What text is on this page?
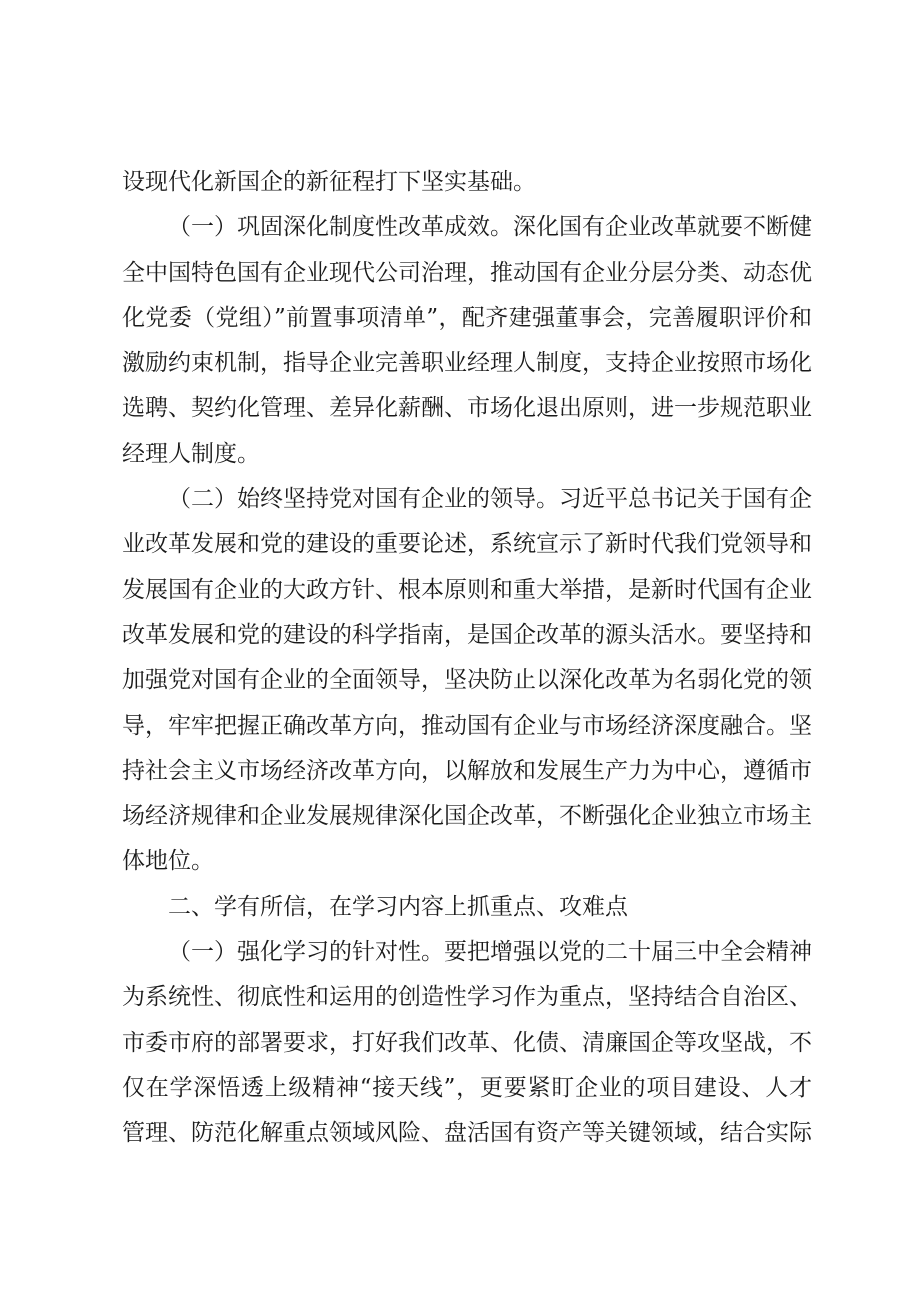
设现代化新国企的新征程打下坚实基础。

（一）巩固深化制度性改革成效。深化国有企业改革就要不断健全中国特色国有企业现代公司治理，推动国有企业分层分类、动态优化党委（党组）”前置事项清单”，配齐建强董事会，完善履职评价和激励约束机制，指导企业完善职业经理人制度，支持企业按照市场化选聘、契约化管理、差异化薪酬、市场化退出原则，进一步规范职业经理人制度。

（二）始终坚持党对国有企业的领导。习近平总书记关于国有企业改革发展和党的建设的重要论述，系统宣示了新时代我们党领导和发展国有企业的大政方针、根本原则和重大举措，是新时代国有企业改革发展和党的建设的科学指南，是国企改革的源头活水。要坚持和加强党对国有企业的全面领导，坚决防止以深化改革为名弱化党的领导，牢牢把握正确改革方向，推动国有企业与市场经济深度融合。坚持社会主义市场经济改革方向，以解放和发展生产力为中心，遵循市场经济规律和企业发展规律深化国企改革，不断强化企业独立市场主体地位。

二、学有所信，在学习内容上抓重点、攻难点

（一）强化学习的针对性。要把增强以党的二十届三中全会精神为系统性、彻底性和运用的创造性学习作为重点，坚持结合自治区、市委市府的部署要求，打好我们改革、化债、清廉国企等攻坚战，不仅在学深悟透上级精神“接天线”，更要紧盯企业的项目建设、人才管理、防范化解重点领域风险、盘活国有资产等关键领域，结合实际
